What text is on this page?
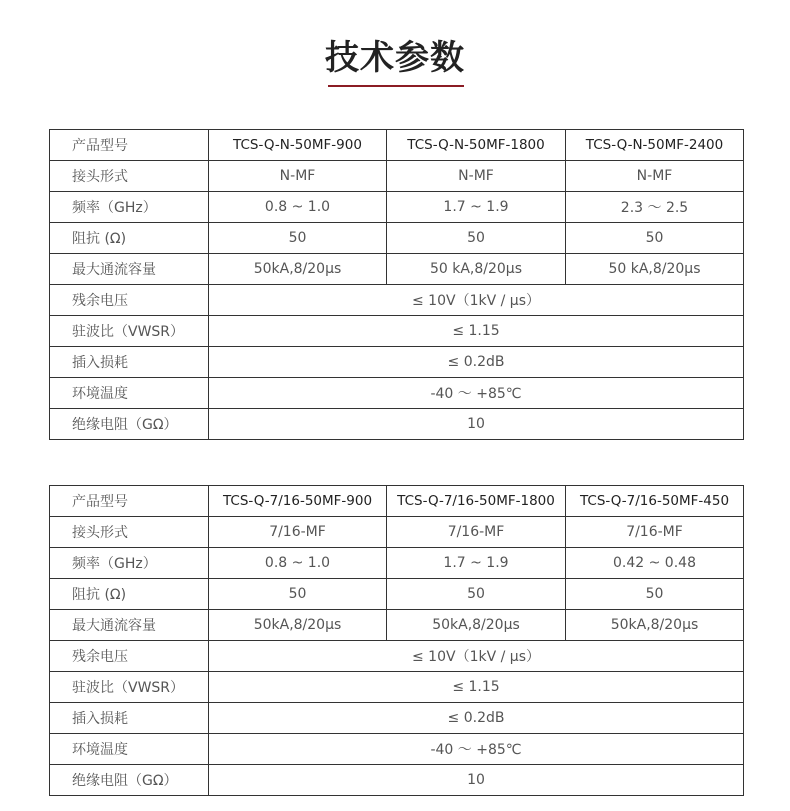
技术参数
产品型号	TCS-Q-N-50MF-900	TCS-Q-N-50MF-1800	TCS-Q-N-50MF-2400
接头形式	N-MF	N-MF	N-MF
频率（GHz）	0.8 ~ 1.0	1.7 ~ 1.9	2.3 〜 2.5
阻抗 (Ω)	50	50	50
最大通流容量	50kA,8/20μs	50 kA,8/20μs	50 kA,8/20μs
残余电压	≤ 10V（1kV / μs）		
驻波比（VWSR）	≤ 1.15		
插入损耗	≤ 0.2dB		
环境温度	-40 〜 +85℃		
绝缘电阻（GΩ）	10		
产品型号	TCS-Q-7/16-50MF-900	TCS-Q-7/16-50MF-1800	TCS-Q-7/16-50MF-450
接头形式	7/16-MF	7/16-MF	7/16-MF
频率（GHz）	0.8 ~ 1.0	1.7 ~ 1.9	0.42 ~ 0.48
阻抗 (Ω)	50	50	50
最大通流容量	50kA,8/20μs	50kA,8/20μs	50kA,8/20μs
残余电压	≤ 10V（1kV / μs）		
驻波比（VWSR）	≤ 1.15		
插入损耗	≤ 0.2dB		
环境温度	-40 〜 +85℃		
绝缘电阻（GΩ）	10		
